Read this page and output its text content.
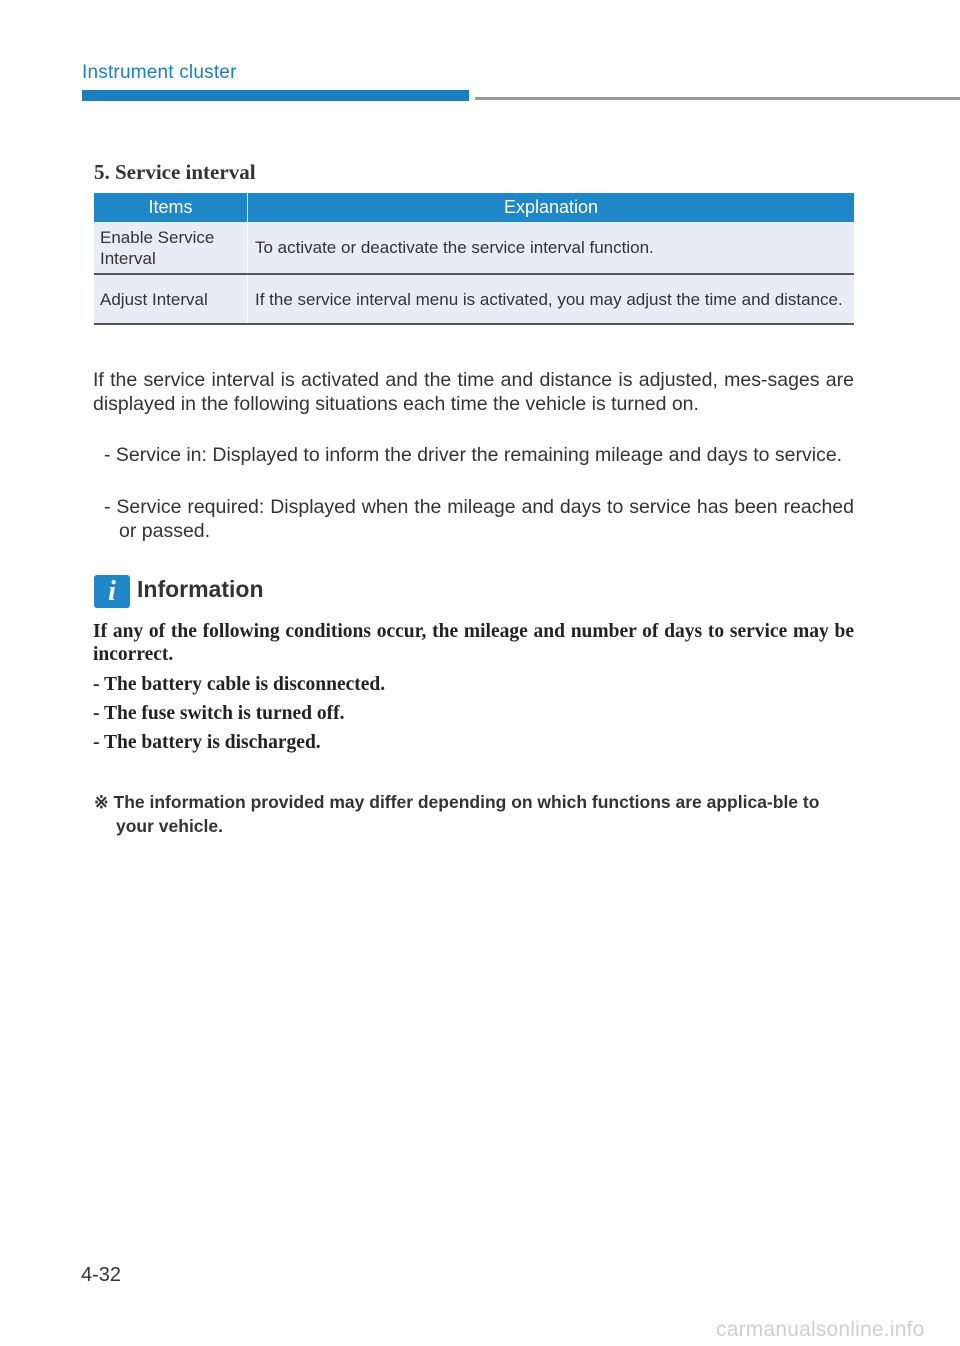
Instrument cluster
5. Service interval
Items	Explanation
Enable Service Interval	To activate or deactivate the service interval function.
Adjust Interval	If the service interval menu is activated, you may adjust the time and distance.
If the service interval is activated and the time and distance is adjusted, mes-sages are displayed in the following situations each time the vehicle is turned on.
- Service in: Displayed to inform the driver the remaining mileage and days to service.
- Service required: Displayed when the mileage and days to service has been reached or passed.
i Information
If any of the following conditions occur, the mileage and number of days to service may be incorrect.
- The battery cable is disconnected.
- The fuse switch is turned off.
- The battery is discharged.
※ The information provided may differ depending on which functions are applica-ble to your vehicle.
4-32
carmanualsonline.info
